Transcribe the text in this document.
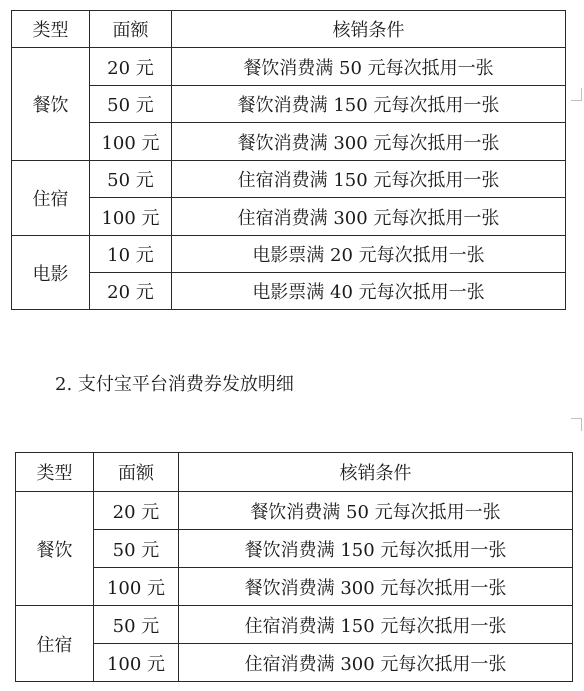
类型	面额	核销条件
餐饮	20 元	餐饮消费满 50 元每次抵用一张
	50 元	餐饮消费满 150 元每次抵用一张
	100 元	餐饮消费满 300 元每次抵用一张
住宿	50 元	住宿消费满 150 元每次抵用一张
	100 元	住宿消费满 300 元每次抵用一张
电影	10 元	电影票满 20 元每次抵用一张
	20 元	电影票满 40 元每次抵用一张
2. 支付宝平台消费券发放明细
类型	面额	核销条件
餐饮	20 元	餐饮消费满 50 元每次抵用一张
	50 元	餐饮消费满 150 元每次抵用一张
	100 元	餐饮消费满 300 元每次抵用一张
住宿	50 元	住宿消费满 150 元每次抵用一张
	100 元	住宿消费满 300 元每次抵用一张
